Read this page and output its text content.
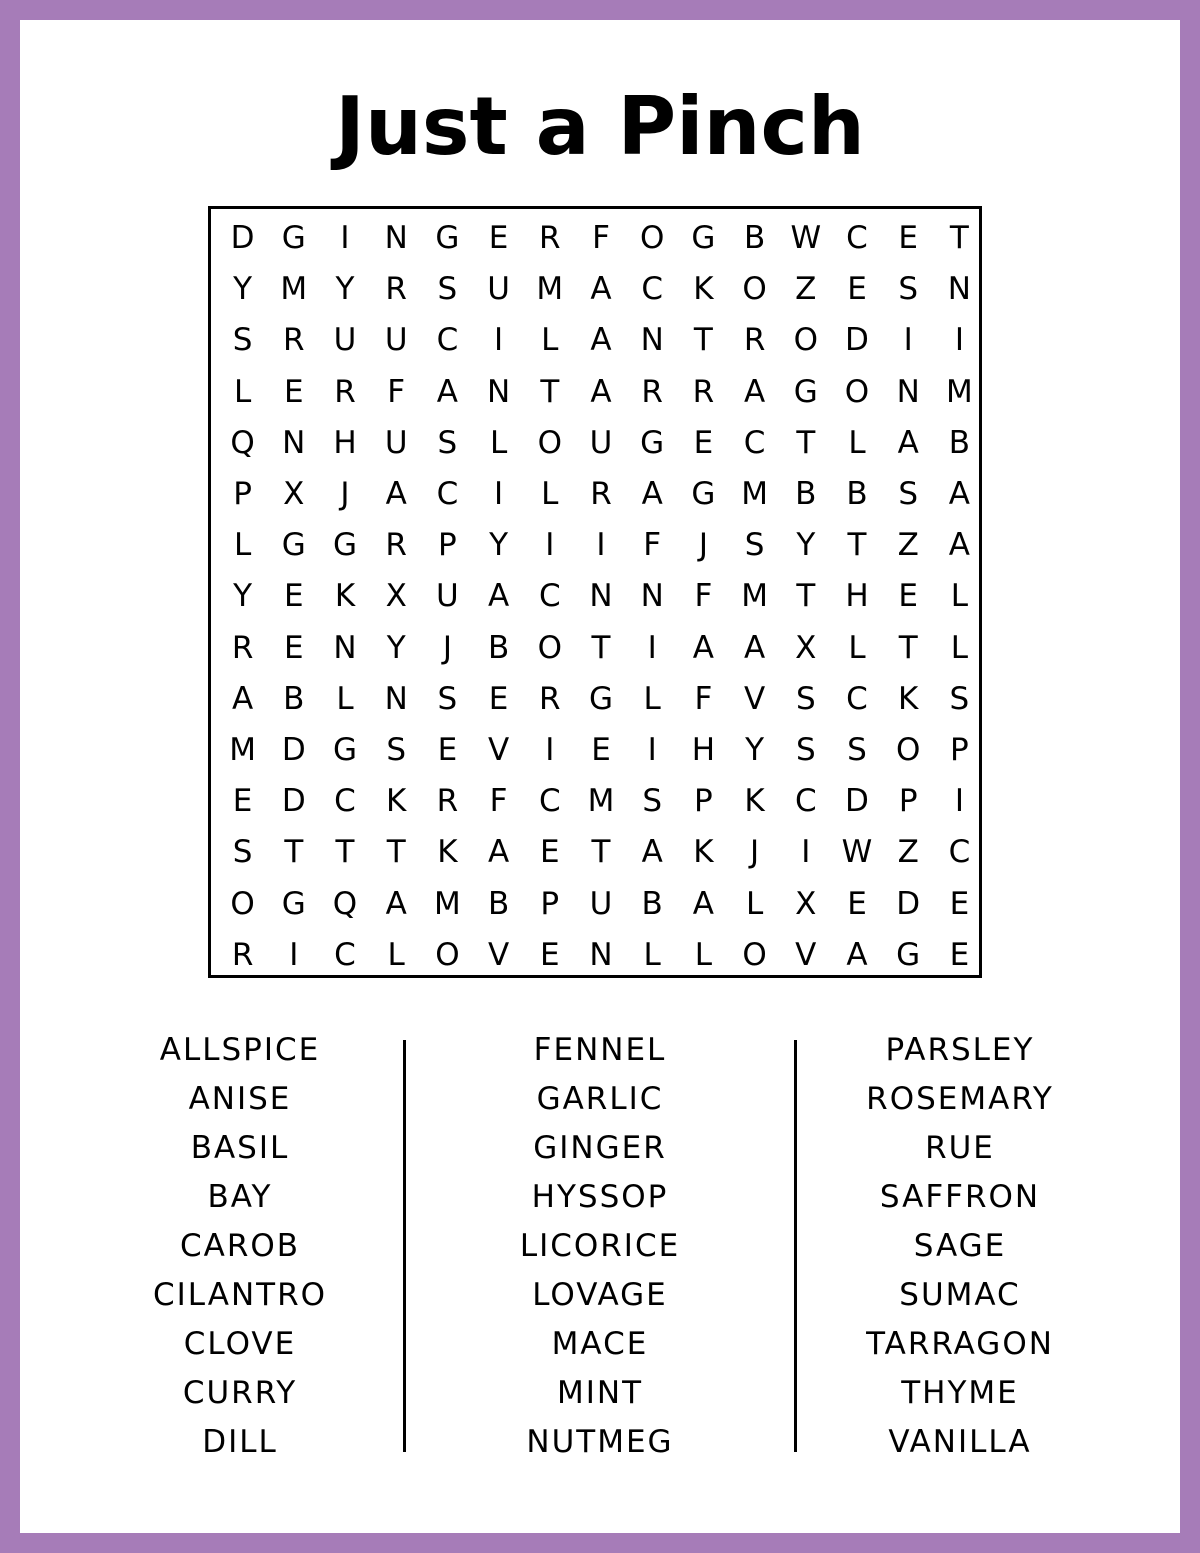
Just a Pinch
D G	I	N G E R	F O G B W C E	T
Y M Y R S U M A C K O Z E	S N
S R U U C	I	L	A N T R O D	I	I
L	E R	F	A N T	A R R A G O N M
Q N H U S	L O U G E C T	L	A B
P	X	J	A C	I	L	R A G M B B S A
L G G R	P	Y	I	I	F	J	S	Y	T	Z A
Y	E	K X U A C N N F M T H E	L
R E N Y	J	B O T	I	A A X	L	T	L
A B	L N S	E R G L	F	V S C K	S
M D G S	E V	I	E	I	H Y	S	S O P
E D C K R	F	C M S	P	K C D P	I
S	T	T	T	K A E	T	A K	J	I	W Z C
O G Q A M B	P U B A	L	X E D E
R	I	C	L O V E N L	L O V A G E
ALLSPICE
ANISE
BASIL
BAY
CAROB
CILANTRO
CLOVE
CURRY
DILL
FENNEL
GARLIC
GINGER
HYSSOP
LICORICE
LOVAGE
MACE
MINT
NUTMEG
PARSLEY
ROSEMARY
RUE
SAFFRON
SAGE
SUMAC
TARRAGON
THYME
VANILLA
